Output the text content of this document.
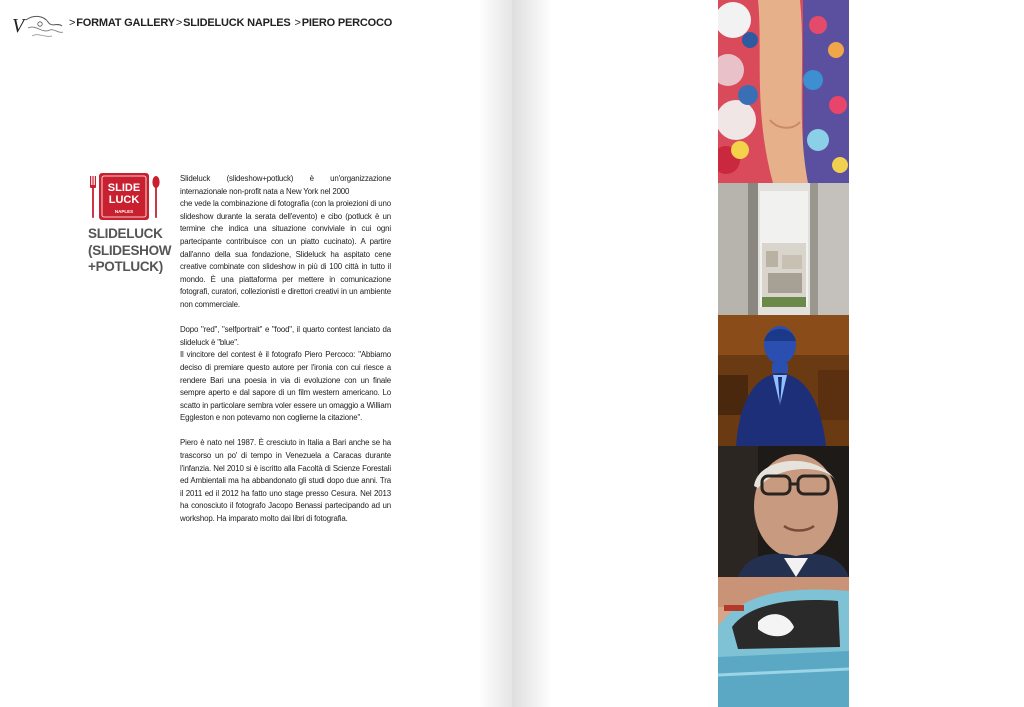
V	> FORMAT GALLERY > SLIDELUCK NAPLES > PIERO PERCOCO
SLIDE
LUCK
NAPLES
SLIDELUCK
(SLIDESHOW
+POTLUCK)

Slideluck (slideshow+potluck) è un'organizzazione

internazionale non-profit nata a New York nel 2000

che vede la combinazione di fotografia (con la proiezioni di uno slideshow durante la serata dell'evento) e cibo (potluck è un termine che indica una situazione conviviale in cui ogni partecipante contribuisce con un piatto cucinato). A partire dall'anno della sua fondazione, Slideluck ha aspitato cene creative combinate con slideshow in più di 100 città in tutto il mondo. È una piattaforma per mettere in comunicazione fotografi, curatori, collezionisti e direttori creativi in un ambiente non commerciale.

Dopo "red", "selfportrait" e "food", il quarto contest lanciato da slideluck è "blue".

Il vincitore del contest è il fotografo Piero Percoco: "Abbiamo deciso di premiare questo autore per l'ironia con cui riesce a rendere Bari una poesia in via di evoluzione con un finale sempre aperto e dal sapore di un film western americano. Lo scatto in particolare sembra voler essere un omaggio a William Eggleston e non potevamo non coglierne la citazione".

Piero è nato nel 1987. È cresciuto in Italia a Bari anche se ha trascorso un po' di tempo in Venezuela a Caracas durante l'infanzia. Nel 2010 si è iscritto alla Facoltà di Scienze Forestali ed Ambientali ma ha abbandonato gli studi dopo due anni. Tra il 2011 ed il 2012 ha fatto uno stage presso Cesura. Nel 2013 ha conosciuto il fotografo Jacopo Benassi partecipando ad un workshop. Ha imparato molto dai libri di fotografia.
